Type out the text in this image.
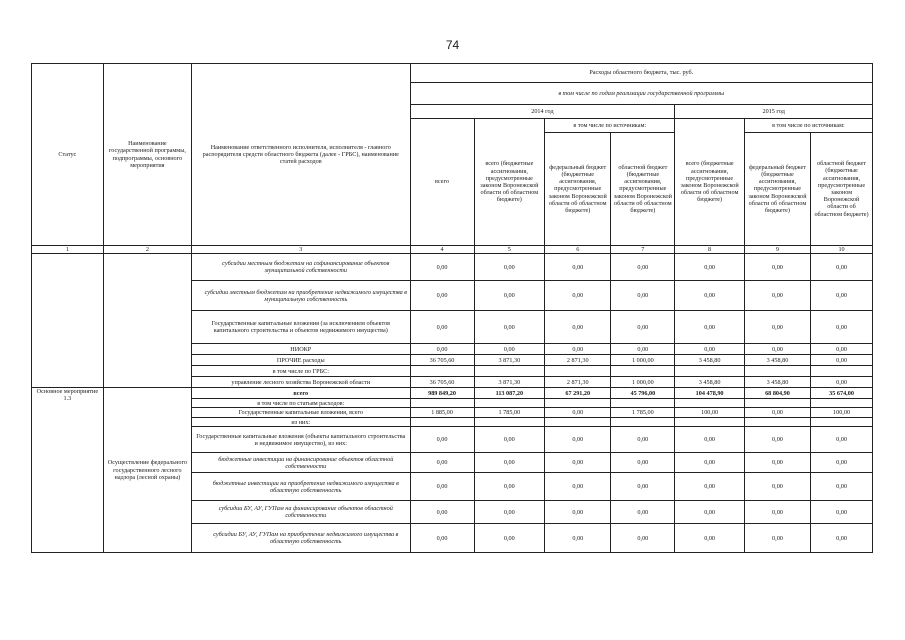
74
Статус	Наименование государственной программы, подпрограммы, основного мероприятия	Наименование ответственного исполнителя, исполнителя - главного распорядителя средств областного бюджета (далее - ГРБС), наименование статей расходов	Расходы областного бюджета, тыс. руб.						
			в том числе по годам реализации государственной программы						
			2014 год				2015 год		
			всего	всего (бюджетные ассигнования, предусмотренные законом Воронежской области об областном бюджете)	в том числе по источникам:		всего (бюджетные ассигнования, предусмотренные законом Воронежской области об областном бюджете)	в том числе по источникам:	
					федеральный бюджет (бюджетные ассигнования, предусмотренные законом Воронежской области об областном бюджете)	областной бюджет (бюджетные ассигнования, предусмотренные законом Воронежской области об областном бюджете)		федеральный бюджет (бюджетные ассигнования, предусмотренные законом Воронежской области об областном бюджете)	областной бюджет (бюджетные ассигнования, предусмотренные законом Воронежской области об областном бюджете)
1	2	3	4	5	6	7	8	9	10
		субсидии местным бюджетам на софинансирование объектов муниципальной собственности	0,00	0,00	0,00	0,00	0,00	0,00	0,00
		субсидии местным бюджетам на приобретение недвижимого имущества в муниципальную собственность	0,00	0,00	0,00	0,00	0,00	0,00	0,00
		Государственные капитальные вложения (за исключением объектов капитального строительства и объектов недвижимого имущества)	0,00	0,00	0,00	0,00	0,00	0,00	0,00
		НИОКР	0,00	0,00	0,00	0,00	0,00	0,00	0,00
		ПРОЧИЕ расходы	36 705,60	3 871,30	2 871,30	1 000,00	3 458,80	3 458,80	0,00
		в том числе по ГРБС:							
		управление лесного хозяйства Воронежской области	36 705,60	3 871,30	2 871,30	1 000,00	3 458,80	3 458,80	0,00
Основное мероприятие 1.3	Осуществление федерального государственного лесного надзора (лесной охраны)	всего	989 849,20	113 087,20	67 291,20	45 796,00	104 478,90	68 804,90	35 674,00
		в том числе по статьям расходов:							
		Государственные капитальные вложения, всего	1 885,00	1 785,00	0,00	1 785,00	100,00	0,00	100,00
		из них:							
		Государственные капитальные вложения (объекты капитального строительства и недвижимое имущество), из них:	0,00	0,00	0,00	0,00	0,00	0,00	0,00
		бюджетные инвестиции на финансирование объектов областной собственности	0,00	0,00	0,00	0,00	0,00	0,00	0,00
		бюджетные инвестиции на приобретение недвижимого имущества в областную собственность	0,00	0,00	0,00	0,00	0,00	0,00	0,00
		субсидии БУ, АУ, ГУПам на финансирование объектов областной собственности	0,00	0,00	0,00	0,00	0,00	0,00	0,00
		субсидии БУ, АУ, ГУПам на приобретение недвижимого имущества в областную собственность	0,00	0,00	0,00	0,00	0,00	0,00	0,00
